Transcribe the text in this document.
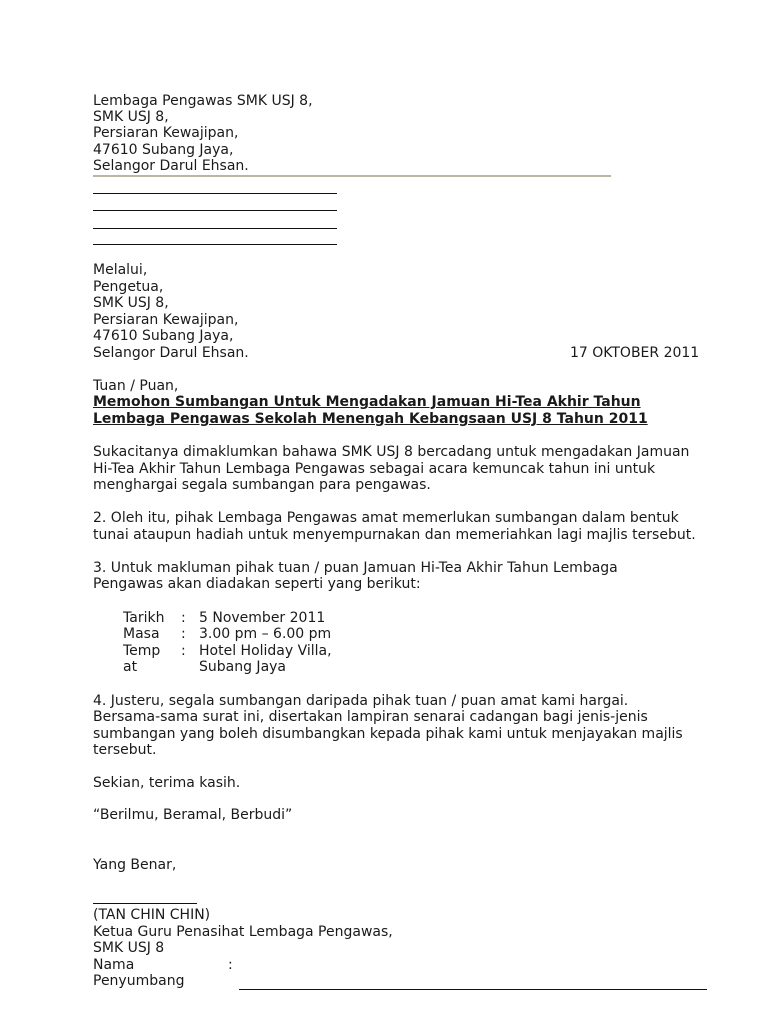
Lembaga Pengawas SMK USJ 8,
SMK USJ 8,
Persiaran Kewajipan,
47610 Subang Jaya,
Selangor Darul Ehsan.
Melalui,
Pengetua,
SMK USJ 8,
Persiaran Kewajipan,
47610 Subang Jaya,
Selangor Darul Ehsan.	17 OKTOBER 2011
Tuan / Puan,
Memohon Sumbangan Untuk Mengadakan Jamuan Hi-Tea Akhir Tahun
Lembaga Pengawas Sekolah Menengah Kebangsaan USJ 8 Tahun 2011
Sukacitanya dimaklumkan bahawa SMK USJ 8 bercadang untuk mengadakan Jamuan
Hi-Tea Akhir Tahun Lembaga Pengawas sebagai acara kemuncak tahun ini untuk
menghargai segala sumbangan para pengawas.
2. Oleh itu, pihak Lembaga Pengawas amat memerlukan sumbangan dalam bentuk
tunai ataupun hadiah untuk menyempurnakan dan memeriahkan lagi majlis tersebut.
3. Untuk makluman pihak tuan / puan Jamuan Hi-Tea Akhir Tahun Lembaga
Pengawas akan diadakan seperti yang berikut:
Tarikh : 5 November 2011
Masa : 3.00 pm – 6.00 pm
Temp : Hotel Holiday Villa,
at	Subang Jaya
4. Justeru, segala sumbangan daripada pihak tuan / puan amat kami hargai.
Bersama-sama surat ini, disertakan lampiran senarai cadangan bagi jenis-jenis
sumbangan yang boleh disumbangkan kepada pihak kami untuk menjayakan majlis
tersebut.
Sekian, terima kasih.
“Berilmu, Beramal, Berbudi”
Yang Benar,
(TAN CHIN CHIN)
Ketua Guru Penasihat Lembaga Pengawas,
SMK USJ 8
Nama	:
Penyumbang
